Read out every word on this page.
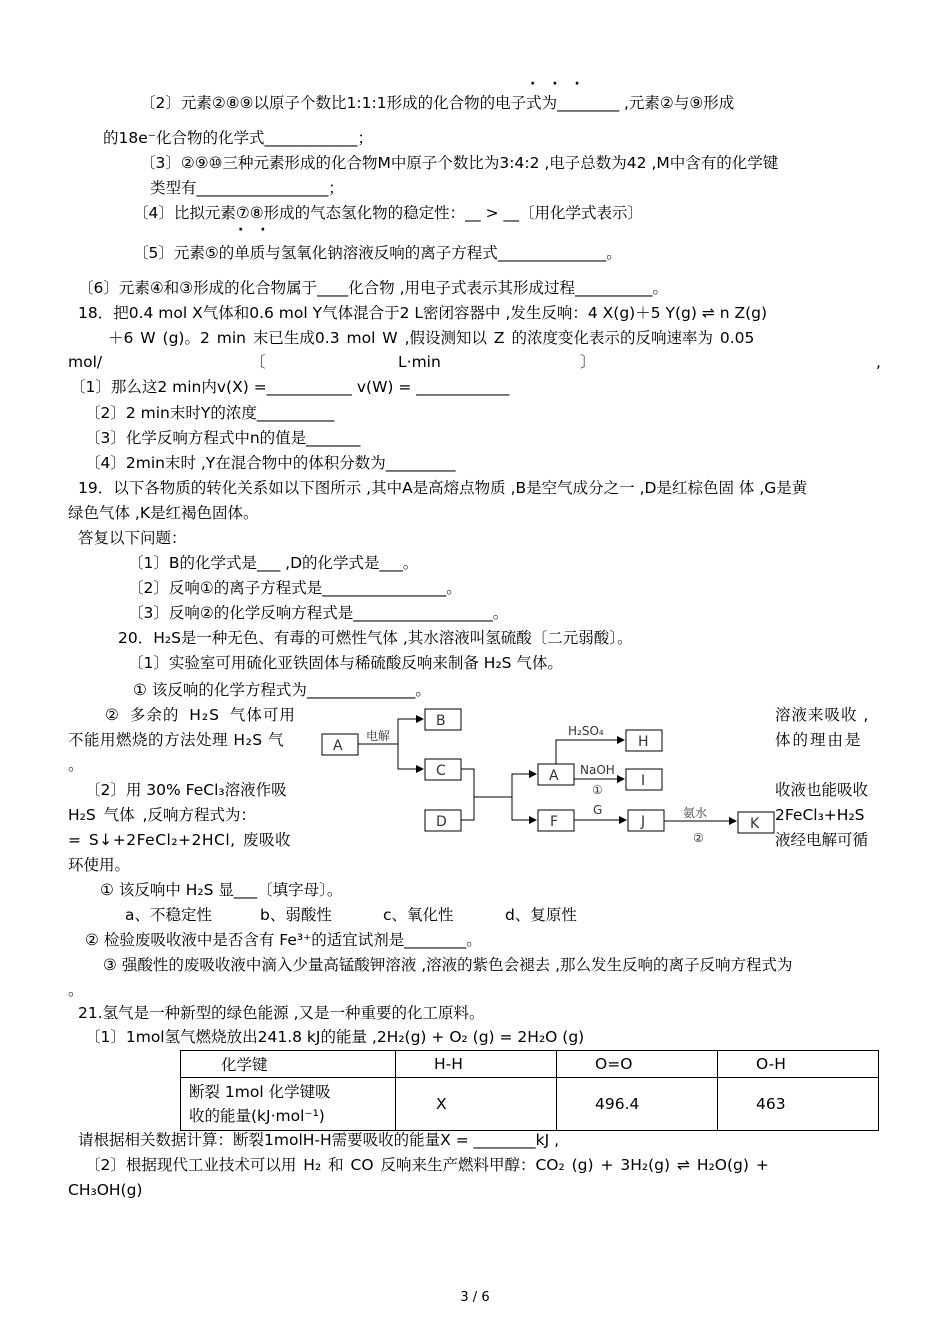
· · ·
· ·
〔2〕元素②⑧⑨以原子个数比1:1:1形成的化合物的电子式为________ ,元素②与⑨形成
的18e⁻化合物的化学式____________；
〔3〕②⑨⑩三种元素形成的化合物M中原子个数比为3:4:2 ,电子总数为42 ,M中含有的化学键
类型有_________________；
〔4〕比拟元素⑦⑧形成的气态氢化物的稳定性：__ > __〔用化学式表示〕
〔5〕元素⑤的单质与氢氧化钠溶液反响的离子方程式______________。
〔6〕元素④和③形成的化合物属于____化合物 ,用电子式表示其形成过程__________。
18．把0.4 mol X气体和0.6 mol Y气体混合于2 L密闭容器中 ,发生反响：4 X(g)＋5 Y(g) ⇌ n Z(g)
＋6 W (g)。2 min 末已生成0.3 mol W ,假设测知以 Z 的浓度变化表示的反响速率为 0.05
mol/	〔	L·min	〕	,
〔1〕那么这2 min内v(X) =___________ v(W) = ____________
〔2〕2 min末时Y的浓度__________
〔3〕化学反响方程式中n的值是_______
〔4〕2min末时 ,Y在混合物中的体积分数为_________
19．以下各物质的转化关系如以下图所示 ,其中A是高熔点物质 ,B是空气成分之一 ,D是红棕色固 体 ,G是黄
绿色气体 ,K是红褐色固体。
答复以下问题：
〔1〕B的化学式是___ ,D的化学式是___。
〔2〕反响①的离子方程式是________________。
〔3〕反响②的化学反响方程式是__________________。
20．H₂S是一种无色、有毒的可燃性气体 ,其水溶液叫氢硫酸〔二元弱酸〕。
〔1〕实验室可用硫化亚铁固体与稀硫酸反响来制备 H₂S 气体。
① 该反响的化学方程式为______________。
② 多余的 H₂S 气体可用	溶液来吸收 ,
不能用燃烧的方法处理 H₂S 气	体的理由是
。
〔2〕用 30% FeCl₃溶液作吸	收液也能吸收
H₂S 气体 ,反响方程式为：	2FeCl₃+H₂S
= S↓+2FeCl₂+2HCl, 废吸收	液经电解可循
环使用。
① 该反响中 H₂S 显___〔填字母〕。
a、不稳定性	b、弱酸性	c、氧化性	d、复原性
② 检验废吸收液中是否含有 Fe³⁺的适宜试剂是________。
③ 强酸性的废吸收液中滴入少量高锰酸钾溶液 ,溶液的紫色会褪去 ,那么发生反响的离子反响方程式为
。
A
B
C
D
A
F
H
I
J	K
电解	H₂SO₄
NaOH
①
G	氨水
②
21.氢气是一种新型的绿色能源 ,又是一种重要的化工原料。
〔1〕1mol氢气燃烧放出241.8 kJ的能量 ,2H₂(g) + O₂ (g) = 2H₂O (g)
化学键	H-H	O=O	O-H

断裂 1mol 化学键吸
收的能量(kJ·mol⁻¹)	X	496.4	463
请根据相关数据计算：断裂1molH-H需要吸收的能量X = ________kJ ,
〔2〕根据现代工业技术可以用 H₂ 和 CO 反响来生产燃料甲醇：CO₂ (g) + 3H₂(g) ⇌ H₂O(g) +
CH₃OH(g)
3 / 6
